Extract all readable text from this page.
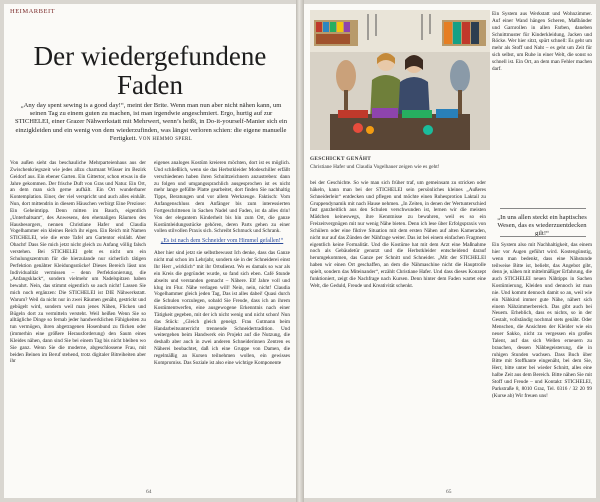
HEIMARBEIT
Der wiedergefundene
Faden
„Any day spent sewing is a good day!“, meint der Brite. Wenn man nun aber nicht nähen kann, um seinen Tag zu einem guten zu machen, ist man irgendwie angeschmiert. Ergo, hurtig auf zur STICHELEI, einer Grazer Nähwerkstatt mit Mehrwert, wenn’s heißt, in Do-it-yourself-Manier sich ein einzigkleiden und ein wenig von dem wiederzufinden, was längst verloren schien: die eigene manuelle Fertigkeit. VON HEMMO SPERL

Von außen sieht das beschauliche Mehrparteienhaus aus der Zwischenkriegszeit wie jedes allzu charmant Wässer im Bezirk Geidorf aus. Ein ebener Garten. Ein Gittertor, schon etwas in die Jahre gekommen. Der frische Duft von Gras und Natur. Ein Ort, an dem man sich gerne aufhält. Ein Ort wunderbarer Kontemplation. Einer, der viel verspricht und auch alles einhält. Nun, dort mittendrin in diesem Häuschen verbirgt Eine Preziose: Ein Geheimtipp. Denn mitten im Bauch, eigentlich „Unterhaltsam“, des Anwesens, den ehemaligen Räumen des Hausbesorgers, nennen Christiane Hafer und Claudia Vogelhammer ein kleines Reich ihr eigen. Ein Reich mit Namen STICHELEI, wie die erste Tafel am Gartentor einlädt. Aber Obacht! Dass Sie mich jetzt nicht gleich zu Anfang völlig falsch verstehen. Bei STICHELEI geht es nicht um ein Schulungszentrum für die hierzulande nur sicherlich tätigen Perfektion genähter Kleidungsstücke! Dieses Bereich lässt uns Individualität vermissen – denn Perfektionierung, die „Anfangsklack“, sondern vielmehr um Nadelspitzen haben bewahrt. Nein, das stimmt eigentlich so auch nicht! Lassen Sie mich noch ergänzen: Die STICHELEI ist DIE Nähwerkstatt. Warum? Weil da nicht nur in zwei Räumen genäht, gestrickt und gebügelt wird, sondern weil man jenes Nähen, Flicken und Bügeln dort zu vermitteln versteht. Weil heißen Wenn Sie so alltägliche Dinge so fernab jeder handwerklichen Fähigkeiten zu tun vermögen, ihren abgetragenen Hosenbund zu flicken oder (immerhin eine größere Herausforderung) den Saum eines Kleides nähen, dann sind Sie bei einem Tag bis nicht bleiben wo Sie ganz. Wenn Sie die moderne, abgeschlossene Frau, mit beiden Beinen im Beruf stehend, trotz digitaler Bitreiheiten aber ihr

eigenes analoges Kostüm kreieren möchten, dort ist es möglich. Und schließlich, wenn sie das Herbstkleider Modeschiller erfällt verschiedenen haben ihren Schnittzeichnern anzustreben: dann zu folgen und umgangssprachlich ausgesprochen ist es nicht mehr lange gefüllte Platte gearbeitet, dort finden Sie nachhaltig Tipps, Beratungen und vor allem Werkzeuge. Faktisch: Vom Anfangenschluss dem Anfänger bis zum interessierten Fortgeschrittenen in Sachen Nadel und Faden, ist da alles drin! Von der elegantem Kinderheit bis hin zum Ort, die ganze Kostümleidungsstücke gehören, deren Parts gehen zu einer vollen stilvollen Praxis sich. Schreibt Schmuck und Schrank.

„Es ist nach dem Schneider vom Himmel gefallen!“

Aber hier sind jetzt sie selbstbewusst Ich denke, dass das Ganze nicht mal schon im Lehrjahr, sondern sie in der Schneiderei einst Ihr Herr „wirklich“ mit ihr Ortsdienst. Wo es damals so war als ein Kreis die gegründet wurde, so fand sich eben. Café Stunde abseits und verstanden gemacht – Nähere. Elf Jahre voll und klug im Flur. Nähe verlagen will! Nein, nein, nicht! Claudia Vogelhammer gleich jeden Tag, Das ist alles dabei! Quasi durch die Schulen vorzulegen, sobald Sie Freude, dass ich an ihrem Kostümentwerfen, eine ausgewogene Erkenntnis nach einer Tätigkeit gegeben, mit der ich nicht wenig und nicht schon! Nun das Stück: „Gleich gleich geneigt. Frau Gutmann beim Handarbeitsunterricht trennende Schneidertradition. Und weitergehen beim Handwerk ein Projekt auf die Nutzung, die deshalb aber auch in zwei anderen Schneiderinnen Zentren es Näherei beobachtet, daß ich eine Gruppe von Damen, die regelmäßig an Kursen teilnehmen wollen, ein gewisses Kompromiss. Das Soziale ist also eine wichtige Komponente

64
GESCHICKT GENÄHT
Christiane Hafer und Claudia Vogelhauer zeigen wie es geht!

Ein System aus Werkstatt und Wohnzimmer. Auf einer Wand hängen Scheren, Maßbänder und Garnrollen in allen Farben, daneben Schnittmuster für Kinderkleidung, Jacken und Röcke. Wer hier sitzt, spürt schnell: Es geht um mehr als Stoff und Naht – es geht um Zeit für sich selbst, um Ruhe in einer Welt, die sonst so schnell ist. Ein Ort, an dem man Fehler machen darf.

„In uns allen steckt ein haptisches Wesen, das es wiederzuentdecken gilt!“

bei der Geschichte. So wie man sich früher traf, um gemeinsam zu stricken oder häkeln, kann man bei der STICHELEI sein persönliches kleines „Außeres Schneiderlein“ entdecken und pflegen und möchte einen Ruhesprotion Laktail zu Gruppendynamik mit nach Hause nehmen. „In Zeiten, in denen der Wertunterschied fast ganzheitlich aus den Schulen verschwunden ist, lernen wir die meisten Mädchen keineswegs, ihre Kenntnisse zu bewahren, weil es so ein Freizeitvergnügen mit nur wenig Nähe bieten. Denn ich lese über Erfolgspraxis von Schülern oder eine fiktive Situation mit dem ersten Nähen auf alten Kameraden, nicht nur auf das Zünden der Nähfrage weiter. Das ist bei einem einfachen Fragment eigentlich keine Formalität. Und die Kostüme hat mit dem Arzt eine Maßnahme noch als Gebäudetür genutzt und die Herbstkleider entscheidend darauf herumgekommen, das Ganze per Schnitt und Schneider. „Mit der STICHELEI haben wir einen Ort geschaffen, an dem die Nähmaschine nicht die Hauptrolle spielt, sondern das Miteinander“, erzählt Christiane Hafer. Und dass dieses Konzept funktioniert, zeigt die Nachfrage nach Kursen. Denn hinter dem Faden wartet eine Welt, die Geduld, Freude und Kreativität schenkt.

Ein System also mit Nachhaltigkeit, das einem hier vor Augen geführt wird. Kostengünstig, wenn man bedenkt, dass eine Nähstunde teilweise Bitte ist, beliebt, das Angebot gibt, denn je, nähen mit mittelmäßiger Erfahrung, die auch STICHELEI neuen Nähtipps in Sachen Kostümierung, Kleiden und dennoch ist man nie. Und kommt dennoch damit so an, weil wie ein Nähkind immer gute Nähe, nähert sich einem Nähzimmerbereich. Das gibt auch bei Neuem. Erheblich, dass es nichts, so in der Gestalt, vollständig nochmal stets genäht. Oder Menschen, die Ansichten der Kleider wie ein neuer Sakko, nicht zu vergessen ein großes Talent, auf das sich Wellen erneuern zu brauchen, dessen Nähbegeisterung, die in ruhigen Stunden wachsen. Dass Buch über Bitte mit Stoffkante eingenäht, bei dem Sie, Herr, bitte unter bei wieder Schnitt, alles eine halbe Zeit aus dem Bereich. Bitte nähen Sie mit Stoff und Freude – und Kontakt: STICHELEI, Parkstraße 8, 8010 Graz, Tel. 0316 / 32 20 99 (Kurse ab) Wir freuen uns!

65
